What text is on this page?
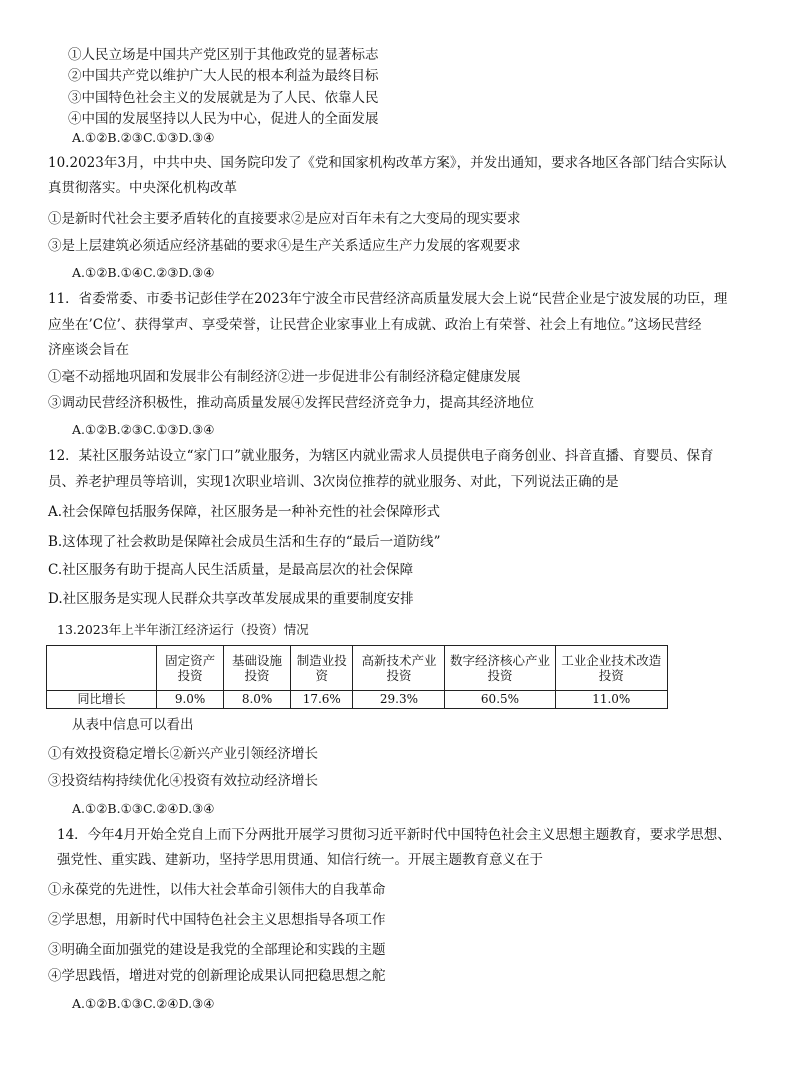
①人民立场是中国共产党区别于其他政党的显著标志
②中国共产党以维护广大人民的根本利益为最终目标
③中国特色社会主义的发展就是为了人民、依靠人民
④中国的发展坚持以人民为中心，促进人的全面发展
A.①②B.②③C.①③D.③④
10.2023年3月，中共中央、国务院印发了《党和国家机构改革方案》，并发出通知，要求各地区各部门结合实际认
真贯彻落实。中央深化机构改革
①是新时代社会主要矛盾转化的直接要求②是应对百年未有之大变局的现实要求
③是上层建筑必须适应经济基础的要求④是生产关系适应生产力发展的客观要求
A.①②B.①④C.②③D.③④
11．省委常委、市委书记彭佳学在2023年宁波全市民营经济高质量发展大会上说“民营企业是宁波发展的功臣，理
应坐在’C位’、获得掌声、享受荣誉，让民营企业家事业上有成就、政治上有荣誉、社会上有地位。”这场民营经
济座谈会旨在
①毫不动摇地巩固和发展非公有制经济②进一步促进非公有制经济稳定健康发展
③调动民营经济积极性，推动高质量发展④发挥民营经济竞争力，提高其经济地位
A.①②B.②③C.①③D.③④
12．某社区服务站设立“家门口”就业服务，为辖区内就业需求人员提供电子商务创业、抖音直播、育婴员、保育
员、养老护理员等培训，实现1次职业培训、3次岗位推荐的就业服务、对此，下列说法正确的是
A.社会保障包括服务保障，社区服务是一种补充性的社会保障形式
B.这体现了社会救助是保障社会成员生活和生存的“最后一道防线”
C.社区服务有助于提高人民生活质量，是最高层次的社会保障
D.社区服务是实现人民群众共享改革发展成果的重要制度安排
13.2023年上半年浙江经济运行（投资）情况
	固定资产投资	基础设施投资	制造业投资	高新技术产业投资	数字经济核心产业投资	工业企业技术改造投资
同比增长	9.0%	8.0%	17.6%	29.3%	60.5%	11.0%
从表中信息可以看出
①有效投资稳定增长②新兴产业引领经济增长
③投资结构持续优化④投资有效拉动经济增长
A.①②B.①③C.②④D.③④
14．今年4月开始全党自上而下分两批开展学习贯彻习近平新时代中国特色社会主义思想主题教育，要求学思想、
强党性、重实践、建新功，坚持学思用贯通、知信行统一。开展主题教育意义在于
①永葆党的先进性，以伟大社会革命引领伟大的自我革命
②学思想，用新时代中国特色社会主义思想指导各项工作
③明确全面加强党的建设是我党的全部理论和实践的主题
④学思践悟，增进对党的创新理论成果认同把稳思想之舵
A.①②B.①③C.②④D.③④
